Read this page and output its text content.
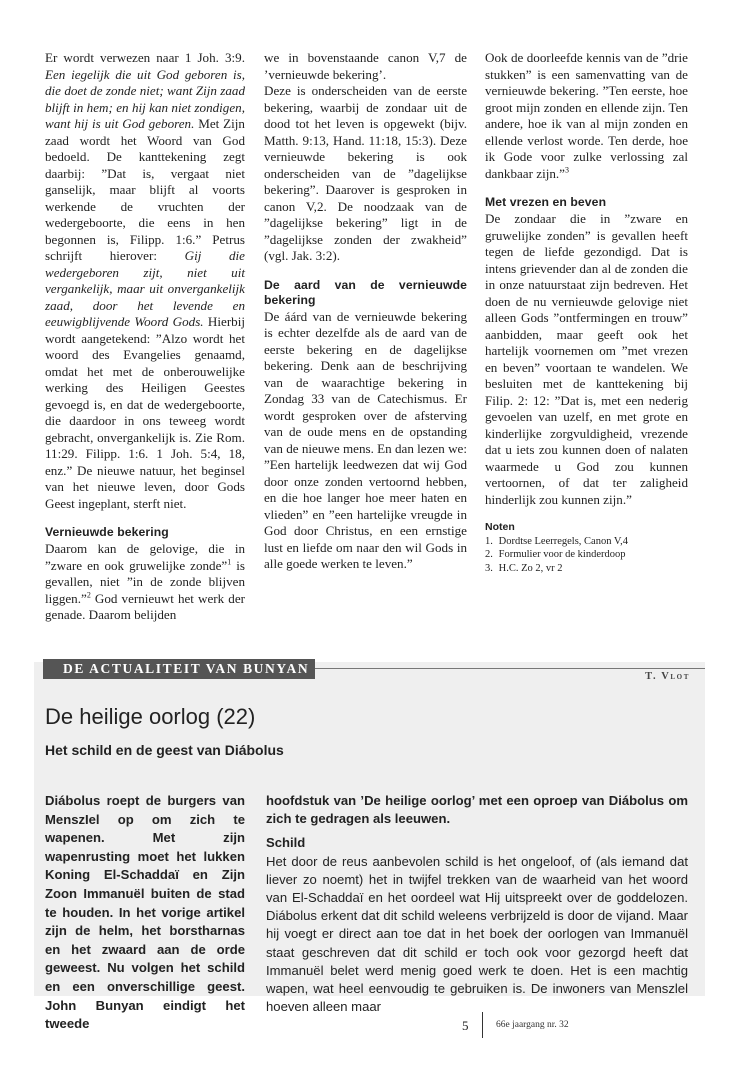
Er wordt verwezen naar 1 Joh. 3:9. Een iegelijk die uit God geboren is, die doet de zonde niet; want Zijn zaad blijft in hem; en hij kan niet zondigen, want hij is uit God geboren. Met Zijn zaad wordt het Woord van God bedoeld. De kanttekening zegt daarbij: ”Dat is, vergaat niet ganselijk, maar blijft al voorts werkende de vruchten der wedergeboorte, die eens in hen begonnen is, Filipp. 1:6.” Petrus schrijft hierover: Gij die wedergeboren zijt, niet uit vergankelijk, maar uit onvergankelijk zaad, door het levende en eeuwigblijvende Woord Gods. Hierbij wordt aangetekend: ”Alzo wordt het woord des Evangelies genaamd, omdat het met de onberouwelijke werking des Heiligen Geestes gevoegd is, en dat de wedergeboorte, die daardoor in ons teweeg wordt gebracht, onvergankelijk is. Zie Rom. 11:29. Filipp. 1:6. 1 Joh. 5:4, 18, enz.” De nieuwe natuur, het beginsel van het nieuwe leven, door Gods Geest ingeplant, sterft niet.

Vernieuwde bekering

Daarom kan de gelovige, die in ”zware en ook gruwelijke zonde”$^1$ is gevallen, niet ”in de zonde blijven liggen.”$^2$ God vernieuwt het werk der genade. Daarom belijden

we in bovenstaande canon V,7 de ’vernieuwde bekering’.

Deze is onderscheiden van de eerste bekering, waarbij de zondaar uit de dood tot het leven is opgewekt (bijv. Matth. 9:13, Hand. 11:18, 15:3). Deze vernieuwde bekering is ook onderscheiden van de ”dagelijkse bekering”. Daarover is gesproken in canon V,2. De noodzaak van de ”dagelijkse bekering” ligt in de ”dagelijkse zonden der zwakheid” (vgl. Jak. 3:2).

De aard van de vernieuwde bekering

De áárd van de vernieuwde bekering is echter dezelfde als de aard van de eerste bekering en de dagelijkse bekering. Denk aan de beschrijving van de waarachtige bekering in Zondag 33 van de Catechismus. Er wordt gesproken over de afsterving van de oude mens en de opstanding van de nieuwe mens. En dan lezen we: ”Een hartelijk leedwezen dat wij God door onze zonden vertoornd hebben, en die hoe langer hoe meer haten en vlieden” en ”een hartelijke vreugde in God door Christus, en een ernstige lust en liefde om naar den wil Gods in alle goede werken te leven.”

Ook de doorleefde kennis van de ”drie stukken” is een samenvatting van de vernieuwde bekering. ”Ten eerste, hoe groot mijn zonden en ellende zijn. Ten andere, hoe ik van al mijn zonden en ellende verlost worde. Ten derde, hoe ik Gode voor zulke verlossing zal dankbaar zijn.”$^3$

Met vrezen en beven

De zondaar die in ”zware en gruwelijke zonden” is gevallen heeft tegen de liefde gezondigd. Dat is intens grievender dan al de zonden die in onze natuurstaat zijn bedreven. Het doen de nu vernieuwde gelovige niet alleen Gods ”ontfermingen en trouw” aanbidden, maar geeft ook het hartelijk voornemen om ”met vrezen en beven” voortaan te wandelen. We besluiten met de kanttekening bij Filip. 2: 12: ”Dat is, met een nederig gevoelen van uzelf, en met grote en kinderlijke zorgvuldigheid, vrezende dat u iets zou kunnen doen of nalaten waarmede u God zou kunnen vertoornen, of dat ter zaligheid hinderlijk zou kunnen zijn.”

Noten
1. Dordtse Leerregels, Canon V,4
2. Formulier voor de kinderdoop
3. H.C. Zo 2, vr 2
DE ACTUALITEIT VAN BUNYAN
T. Vlot
De heilige oorlog (22)
Het schild en de geest van Diábolus
Diábolus roept de burgers van MenszIel op om zich te wapenen. Met zijn wapenrusting moet het lukken Koning El-Schaddaï en Zijn Zoon Immanuël buiten de stad te houden. In het vorige artikel zijn de helm, het borstharnas en het zwaard aan de orde geweest. Nu volgen het schild en een onverschillige geest. John Bunyan eindigt het tweede

hoofdstuk van ’De heilige oorlog’ met een oproep van Diábolus om zich te gedragen als leeuwen.

Schild

Het door de reus aanbevolen schild is het ongeloof, of (als iemand dat liever zo noemt) het in twijfel trekken van de waarheid van het woord van El-Schaddaï en het oordeel wat Hij uitspreekt over de goddelozen. Diábolus erkent dat dit schild weleens verbrijzeld is door de vijand. Maar hij voegt er direct aan toe dat in het boek der oorlogen van Immanuël staat geschreven dat dit schild er toch ook voor gezorgd heeft dat Immanuël belet werd menig goed werk te doen. Het is een machtig wapen, wat heel eenvoudig te gebruiken is. De inwoners van Menszlel hoeven alleen maar

5	66e jaargang nr. 32
